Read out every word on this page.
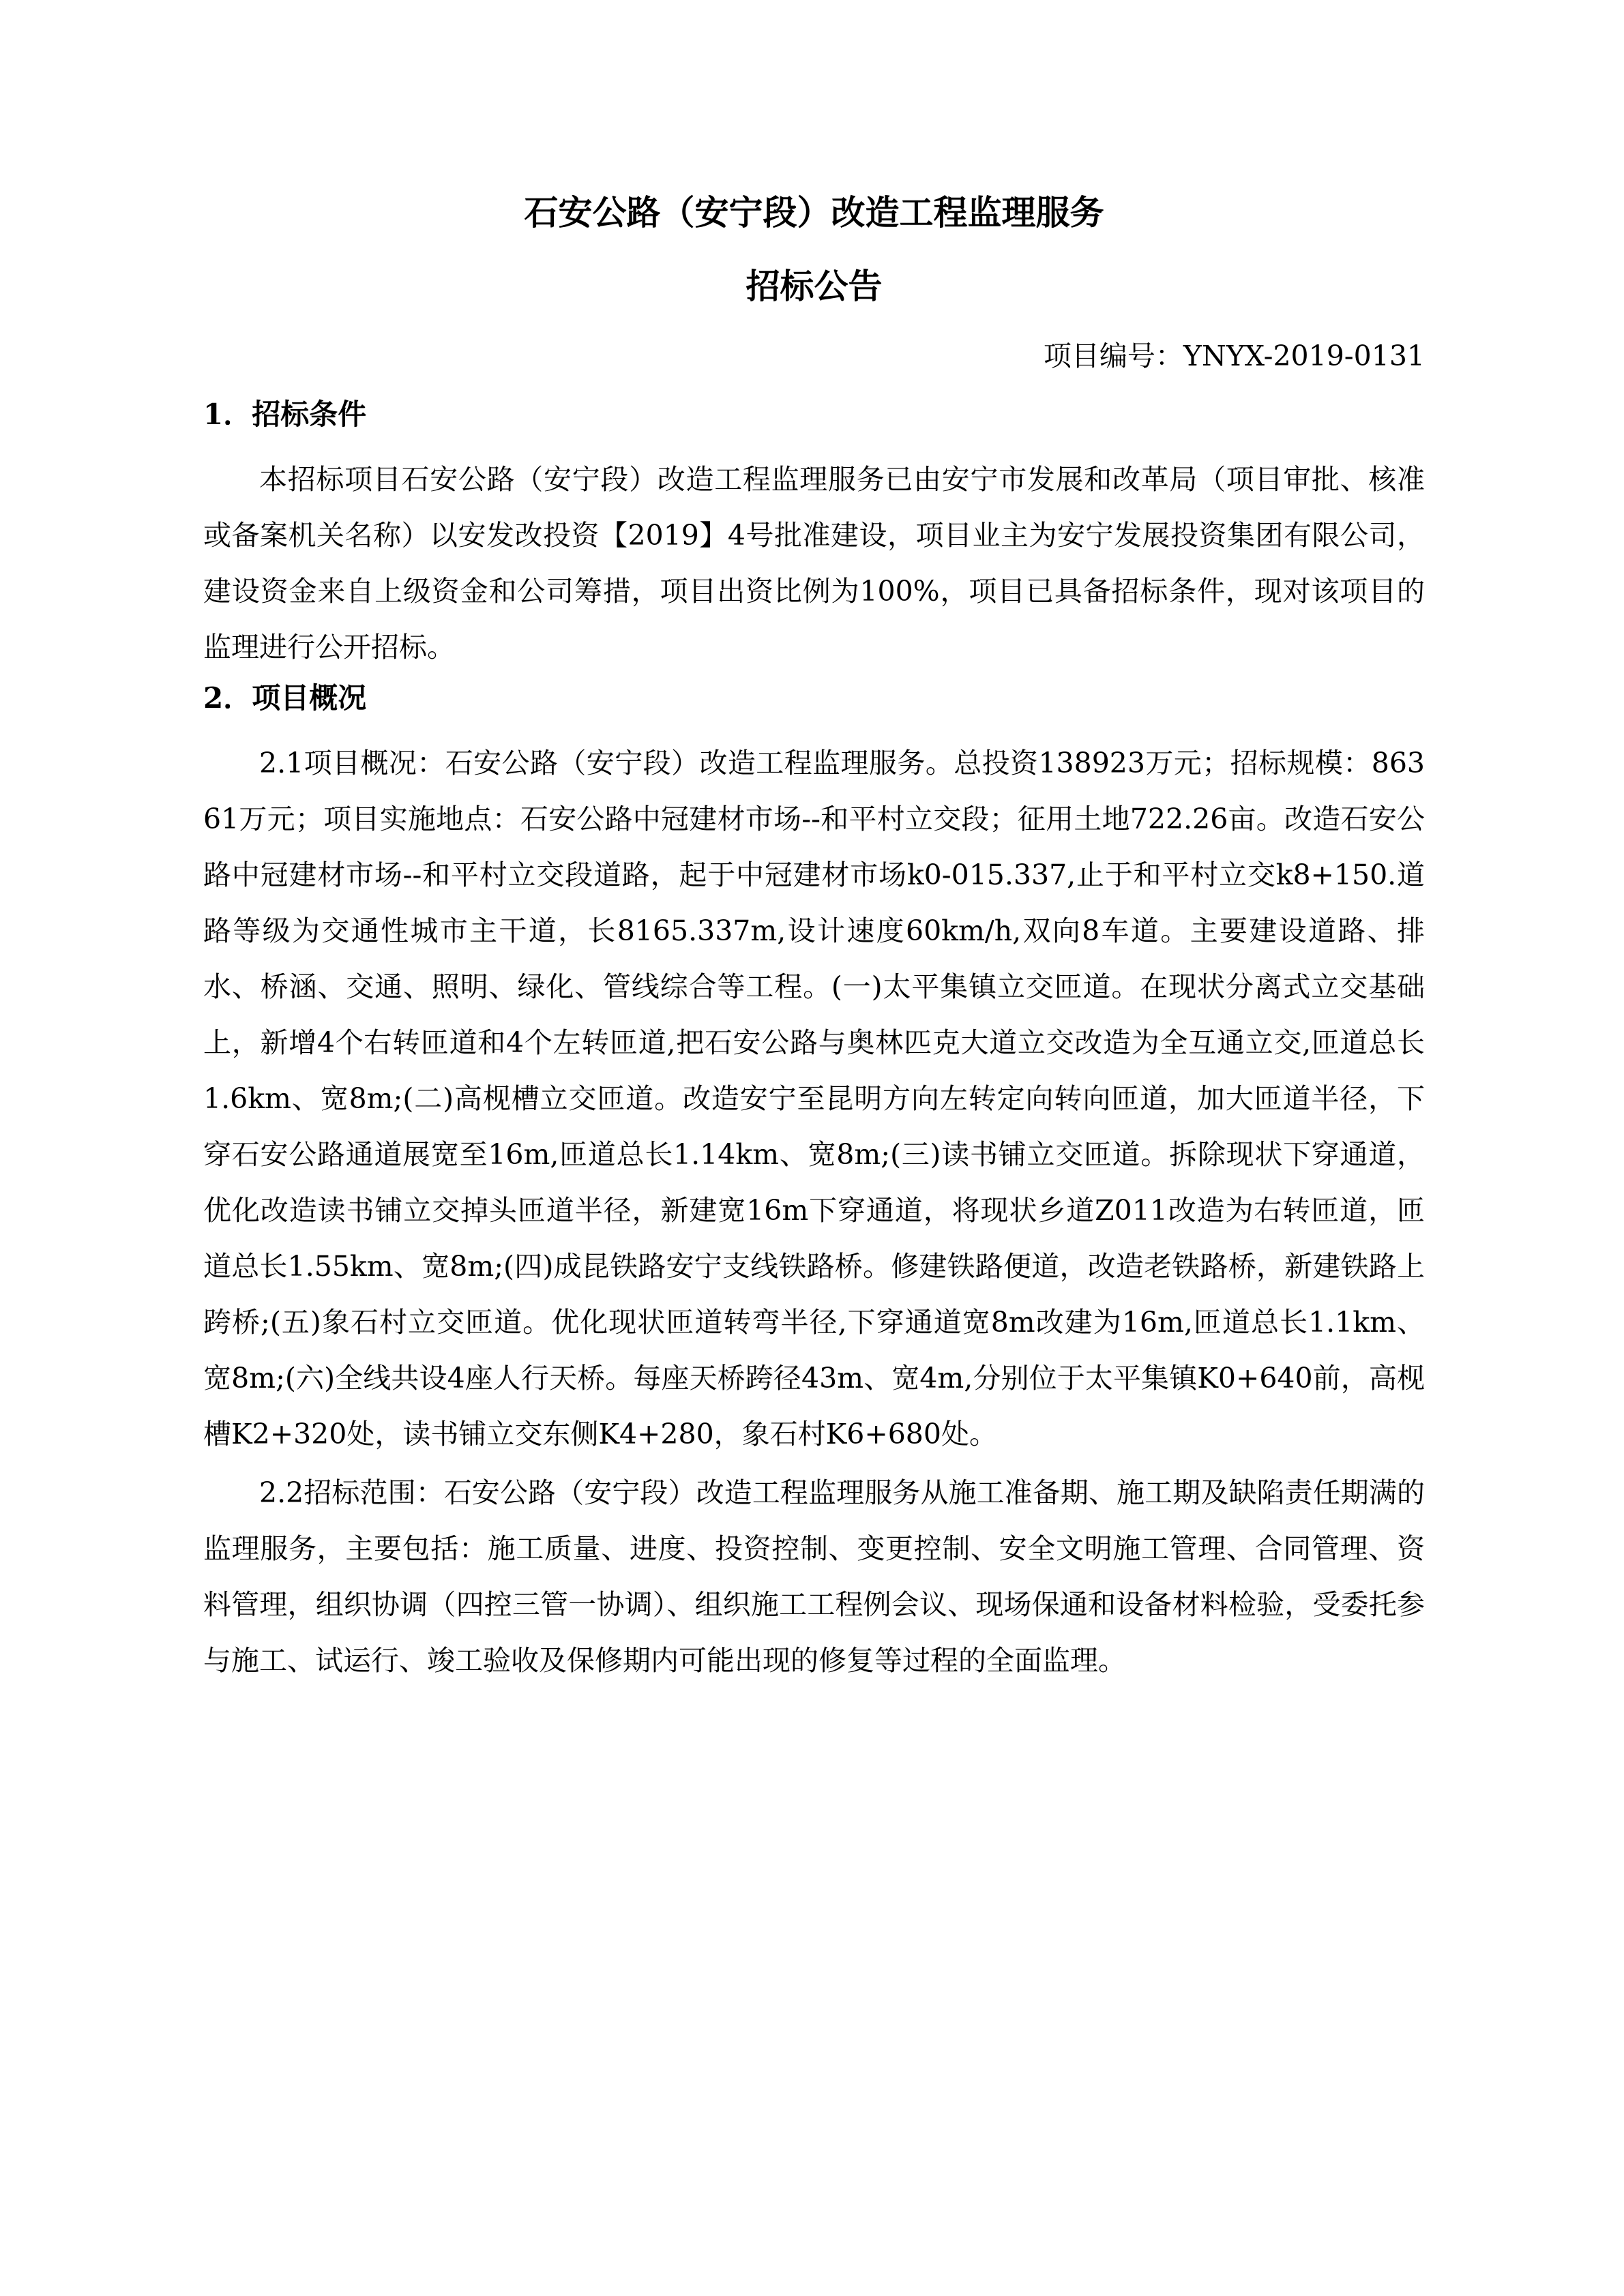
石安公路（安宁段）改造工程监理服务
招标公告
项目编号：YNYX-2019-0131
1．招标条件

本招标项目石安公路（安宁段）改造工程监理服务已由安宁市发展和改革局（项目审批、核准或备案机关名称）以安发改投资【2019】4号批准建设，项目业主为安宁发展投资集团有限公司，建设资金来自上级资金和公司筹措，项目出资比例为100%，项目已具备招标条件，现对该项目的监理进行公开招标。

2．项目概况

2.1项目概况：石安公路（安宁段）改造工程监理服务。总投资138923万元；招标规模：86361万元；项目实施地点：石安公路中冠建材市场--和平村立交段；征用土地722.26亩。改造石安公路中冠建材市场--和平村立交段道路，起于中冠建材市场k0-015.337,止于和平村立交k8+150.道路等级为交通性城市主干道，长8165.337m,设计速度60km/h,双向8车道。主要建设道路、排水、桥涵、交通、照明、绿化、管线综合等工程。(一)太平集镇立交匝道。在现状分离式立交基础上，新增4个右转匝道和4个左转匝道,把石安公路与奥林匹克大道立交改造为全互通立交,匝道总长1.6km、宽8m;(二)高枧槽立交匝道。改造安宁至昆明方向左转定向转向匝道，加大匝道半径，下穿石安公路通道展宽至16m,匝道总长1.14km、宽8m;(三)读书铺立交匝道。拆除现状下穿通道，优化改造读书铺立交掉头匝道半径，新建宽16m下穿通道，将现状乡道Z011改造为右转匝道，匝道总长1.55km、宽8m;(四)成昆铁路安宁支线铁路桥。修建铁路便道，改造老铁路桥，新建铁路上跨桥;(五)象石村立交匝道。优化现状匝道转弯半径,下穿通道宽8m改建为16m,匝道总长1.1km、宽8m;(六)全线共设4座人行天桥。每座天桥跨径43m、宽4m,分别位于太平集镇K0+640前，高枧槽K2+320处，读书铺立交东侧K4+280，象石村K6+680处。

2.2招标范围：石安公路（安宁段）改造工程监理服务从施工准备期、施工期及缺陷责任期满的监理服务，主要包括：施工质量、进度、投资控制、变更控制、安全文明施工管理、合同管理、资料管理，组织协调（四控三管一协调）、组织施工工程例会议、现场保通和设备材料检验，受委托参与施工、试运行、竣工验收及保修期内可能出现的修复等过程的全面监理。
